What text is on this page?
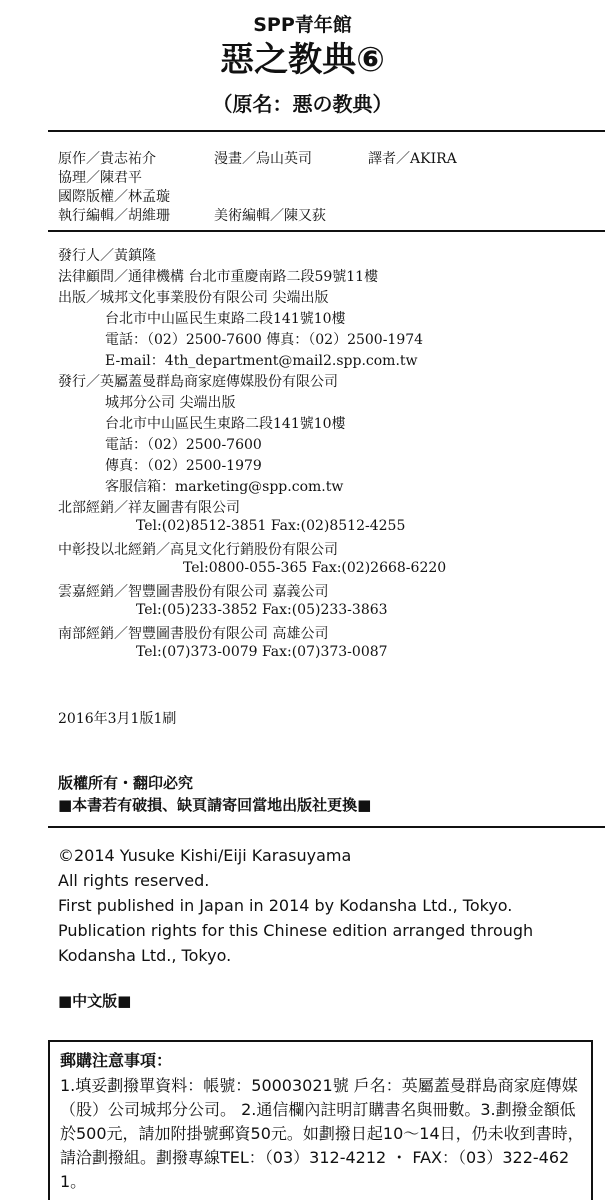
SPP青年館
惡之教典⑥
（原名：悪の教典）
原作／貴志祐介	漫畫／烏山英司	譯者／AKIRA
協理／陳君平
國際版權／林孟璇
執行編輯／胡維珊	美術編輯／陳又荻
發行人／黃鎮隆
法律顧問／通律機構 台北市重慶南路二段59號11樓
出版／城邦文化事業股份有限公司 尖端出版
台北市中山區民生東路二段141號10樓
電話：（02）2500-7600 傳真：（02）2500-1974
E-mail：4th_department@mail2.spp.com.tw
發行／英屬蓋曼群島商家庭傳媒股份有限公司
城邦分公司 尖端出版
台北市中山區民生東路二段141號10樓
電話：（02）2500-7600
傳真：（02）2500-1979
客服信箱：marketing@spp.com.tw
北部經銷／祥友圖書有限公司
Tel:(02)8512-3851 Fax:(02)8512-4255
中彰投以北經銷／高見文化行銷股份有限公司
Tel:0800-055-365 Fax:(02)2668-6220
雲嘉經銷／智豐圖書股份有限公司 嘉義公司
Tel:(05)233-3852 Fax:(05)233-3863
南部經銷／智豐圖書股份有限公司 高雄公司
Tel:(07)373-0079 Fax:(07)373-0087
2016年3月1版1刷
版權所有・翻印必究
■本書若有破損、缺頁請寄回當地出版社更換■
©2014 Yusuke Kishi/Eiji Karasuyama
All rights reserved.
First published in Japan in 2014 by Kodansha Ltd., Tokyo.
Publication rights for this Chinese edition arranged through
Kodansha Ltd., Tokyo.
■中文版■
郵購注意事項：
1.填妥劃撥單資料：帳號：50003021號 戶名：英屬蓋曼群島商家庭傳媒（股）公司城邦分公司。 2.通信欄內註明訂購書名與冊數。3.劃撥金額低於500元，請加附掛號郵資50元。如劃撥日起10～14日，仍未收到書時，請洽劃撥組。劃撥專線TEL：（03）312-4212 ・ FAX：（03）322-4621。
